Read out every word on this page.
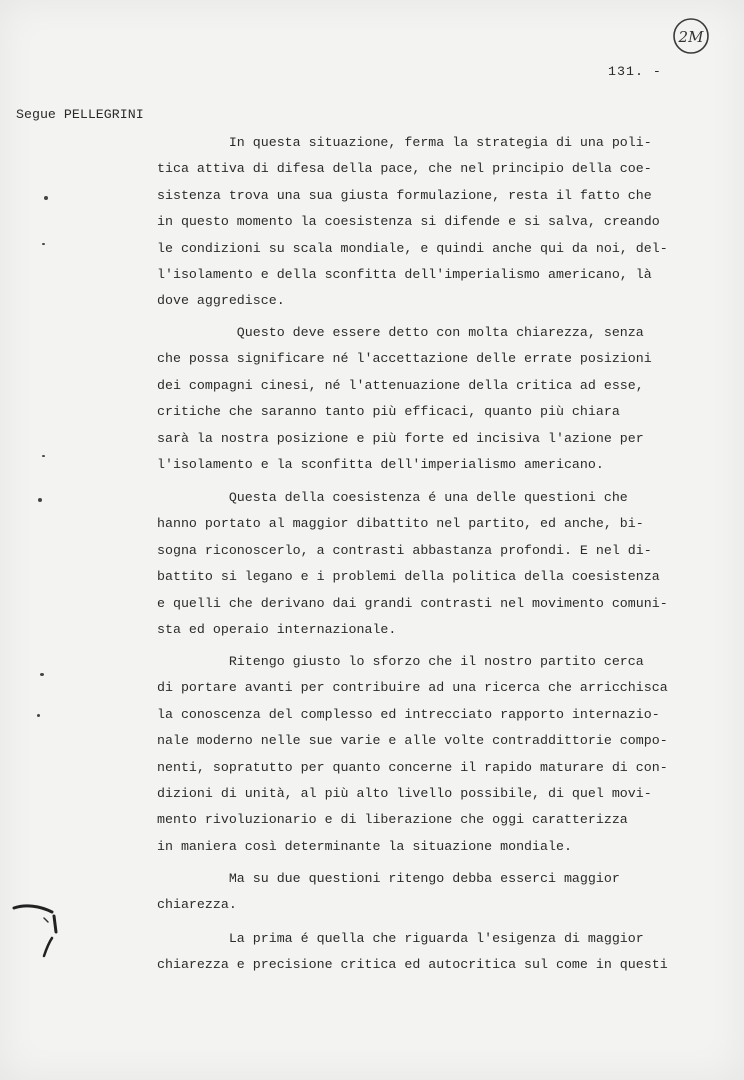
2M
131. -
Segue PELLEGRINI
In questa situazione, ferma la strategia di una poli-
tica attiva di difesa della pace, che nel principio della coe-
sistenza trova una sua giusta formulazione, resta il fatto che
in questo momento la coesistenza si difende e si salva, creando
le condizioni su scala mondiale, e quindi anche qui da noi, del-
l'isolamento e della sconfitta dell'imperialismo americano, là
dove aggredisce.
Questo deve essere detto con molta chiarezza, senza
che possa significare né l'accettazione delle errate posizioni
dei compagni cinesi, né l'attenuazione della critica ad esse,
critiche che saranno tanto più efficaci, quanto più chiara
sarà la nostra posizione e più forte ed incisiva l'azione per
l'isolamento e la sconfitta dell'imperialismo americano.
Questa della coesistenza é una delle questioni che
hanno portato al maggior dibattito nel partito, ed anche, bi-
sogna riconoscerlo, a contrasti abbastanza profondi. E nel di-
battito si legano e i problemi della politica della coesistenza
e quelli che derivano dai grandi contrasti nel movimento comuni-
sta ed operaio internazionale.
Ritengo giusto lo sforzo che il nostro partito cerca
di portare avanti per contribuire ad una ricerca che arricchisca
la conoscenza del complesso ed intrecciato rapporto internazio-
nale moderno nelle sue varie e alle volte contraddittorie compo-
nenti, sopratutto per quanto concerne il rapido maturare di con-
dizioni di unità, al più alto livello possibile, di quel movi-
mento rivoluzionario e di liberazione che oggi caratterizza
in maniera così determinante la situazione mondiale.
Ma su due questioni ritengo debba esserci maggior
chiarezza.
La prima é quella che riguarda l'esigenza di maggior
chiarezza e precisione critica ed autocritica sul come in questi
